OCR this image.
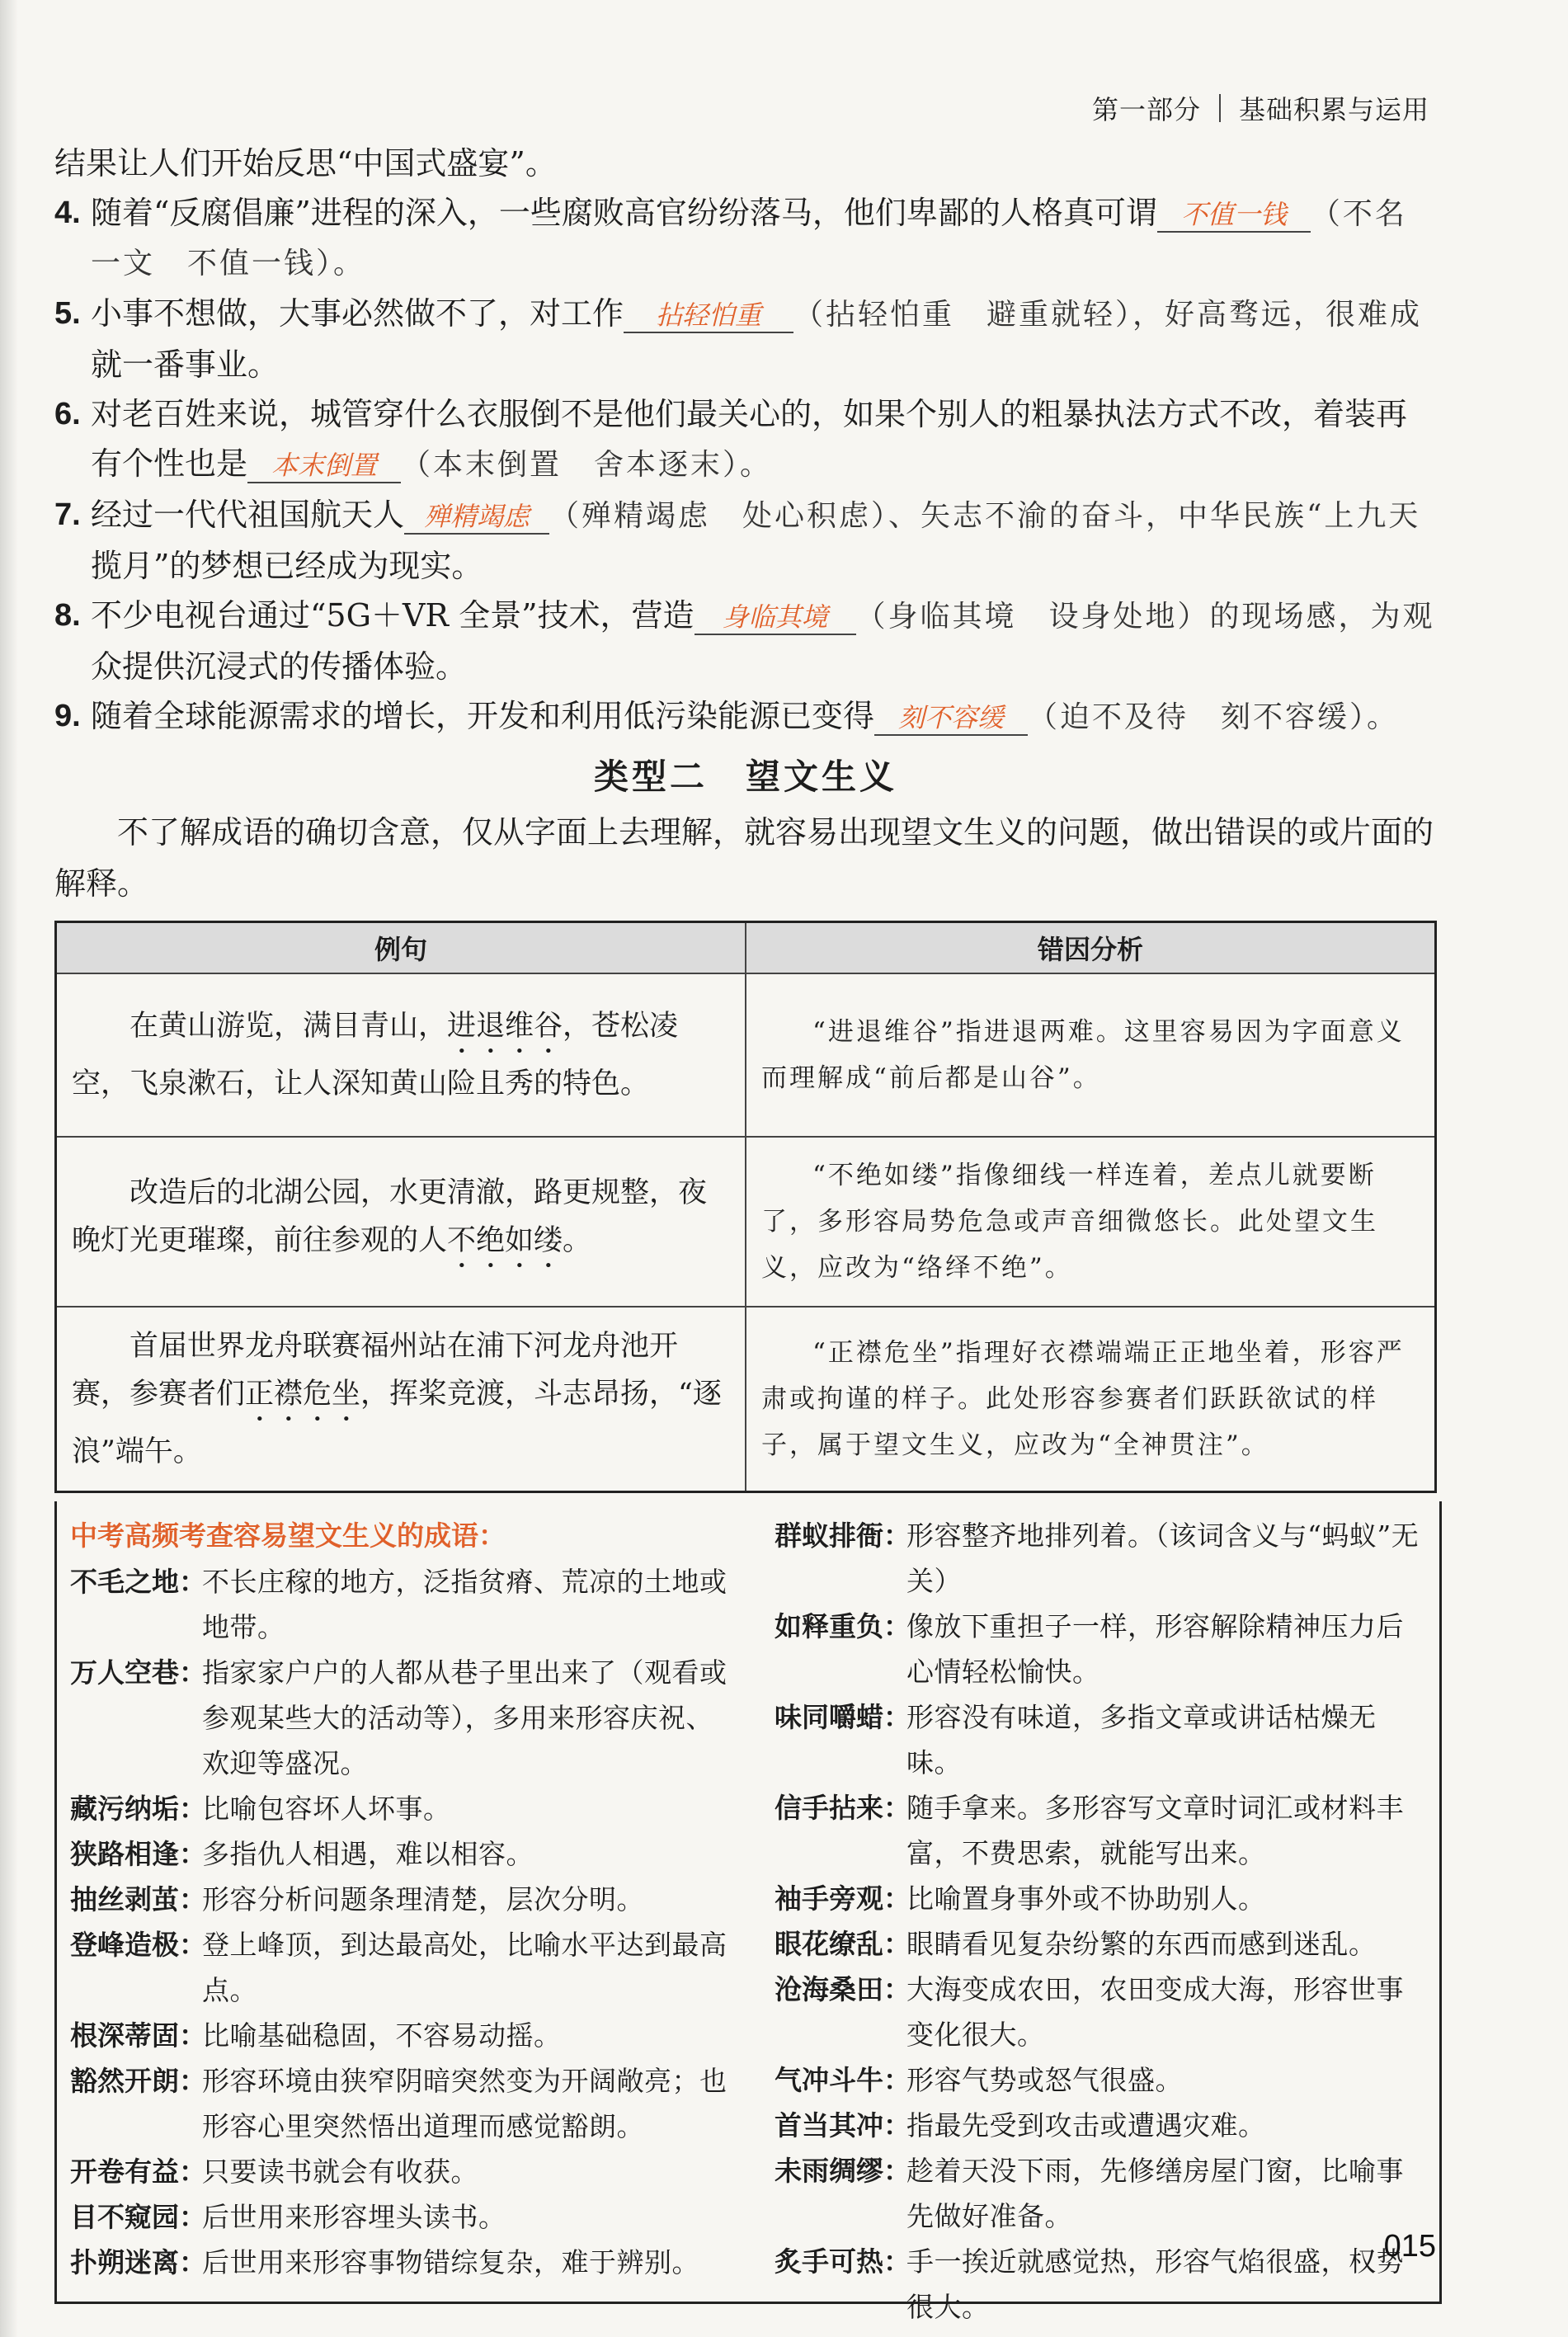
第一部分 基础积累与运用
结果让人们开始反思“中国式盛宴”。
4. 随着“反腐倡廉”进程的深入，一些腐败高官纷纷落马，他们卑鄙的人格真可谓 不值一钱 （不名
一文　不值一钱）。
5. 小事不想做，大事必然做不了，对工作 拈轻怕重 （拈轻怕重　避重就轻），好高骛远，很难成
就一番事业。
6. 对老百姓来说，城管穿什么衣服倒不是他们最关心的，如果个别人的粗暴执法方式不改，着装再
有个性也是 本末倒置 （本末倒置　舍本逐末）。
7. 经过一代代祖国航天人 殚精竭虑 （殚精竭虑　处心积虑）、矢志不渝的奋斗，中华民族“上九天
揽月”的梦想已经成为现实。
8. 不少电视台通过“5G＋VR 全景”技术，营造 身临其境 （身临其境　设身处地）的现场感，为观
众提供沉浸式的传播体验。
9. 随着全球能源需求的增长，开发和利用低污染能源已变得 刻不容缓 （迫不及待　刻不容缓）。
类型二　望文生义
不了解成语的确切含意，仅从字面上去理解，就容易出现望文生义的问题，做出错误的或片面的解释。
例句	错因分析

在黄山游览，满目青山，进退维谷，苍松凌空，飞泉漱石，让人深知黄山险且秀的特色。	“进退维谷”指进退两难。这里容易因为字面意义而理解成“前后都是山谷”。

改造后的北湖公园，水更清澈，路更规整，夜晚灯光更璀璨，前往参观的人不绝如缕。	“不绝如缕”指像细线一样连着，差点儿就要断了，多形容局势危急或声音细微悠长。此处望文生义，应改为“络绎不绝”。

首届世界龙舟联赛福州站在浦下河龙舟池开赛，参赛者们正襟危坐，挥桨竞渡，斗志昂扬，“逐浪”端午。	“正襟危坐”指理好衣襟端端正正地坐着，形容严肃或拘谨的样子。此处形容参赛者们跃跃欲试的样子，属于望文生义，应改为“全神贯注”。
中考高频考查容易望文生义的成语：
不毛之地：
不长庄稼的地方，泛指贫瘠、荒凉的土地或地带。
万人空巷：
指家家户户的人都从巷子里出来了（观看或参观某些大的活动等），多用来形容庆祝、欢迎等盛况。
藏污纳垢：
比喻包容坏人坏事。
狭路相逢：
多指仇人相遇，难以相容。
抽丝剥茧：
形容分析问题条理清楚，层次分明。
登峰造极：
登上峰顶，到达最高处，比喻水平达到最高点。
根深蒂固：
比喻基础稳固，不容易动摇。
豁然开朗：
形容环境由狭窄阴暗突然变为开阔敞亮；也形容心里突然悟出道理而感觉豁朗。
开卷有益：
只要读书就会有收获。
目不窥园：
后世用来形容埋头读书。
扑朔迷离：
后世用来形容事物错综复杂，难于辨别。
群蚁排衙：
形容整齐地排列着。（该词含义与“蚂蚁”无关）
如释重负：
像放下重担子一样，形容解除精神压力后心情轻松愉快。
味同嚼蜡：
形容没有味道，多指文章或讲话枯燥无味。
信手拈来：
随手拿来。多形容写文章时词汇或材料丰富，不费思索，就能写出来。
袖手旁观：
比喻置身事外或不协助别人。
眼花缭乱：
眼睛看见复杂纷繁的东西而感到迷乱。
沧海桑田：
大海变成农田，农田变成大海，形容世事变化很大。
气冲斗牛：
形容气势或怒气很盛。
首当其冲：
指最先受到攻击或遭遇灾难。
未雨绸缪：
趁着天没下雨，先修缮房屋门窗，比喻事先做好准备。
炙手可热：
手一挨近就感觉热，形容气焰很盛，权势很大。
015
